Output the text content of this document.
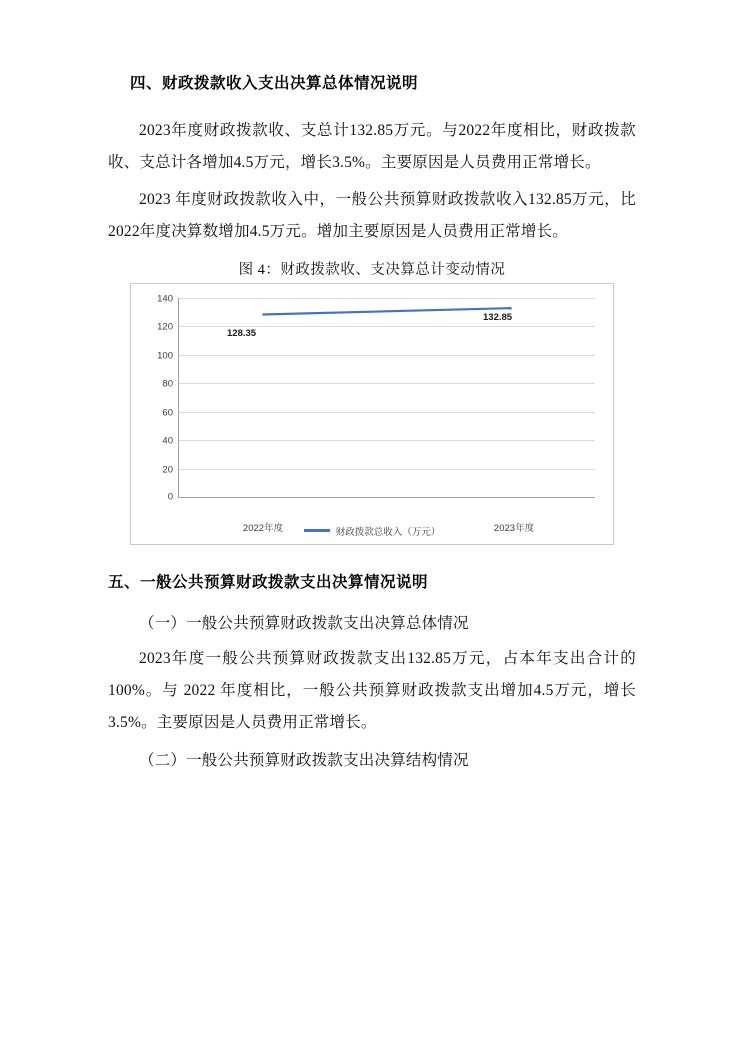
四、财政拨款收入支出决算总体情况说明

2023年度财政拨款收、支总计132.85万元。与2022年度相比，财政拨款收、支总计各增加4.5万元，增长3.5%。主要原因是人员费用正常增长。

2023 年度财政拨款收入中，一般公共预算财政拨款收入132.85万元，比 2022年度决算数增加4.5万元。增加主要原因是人员费用正常增长。

图 4：财政拨款收、支决算总计变动情况
140
120
100
80
60
40
20
0
128.35
132.85
2022年度	2023年度
财政拨款总收入（万元）
五、一般公共预算财政拨款支出决算情况说明

（一）一般公共预算财政拨款支出决算总体情况

2023年度一般公共预算财政拨款支出132.85万元，占本年支出合计的100%。与 2022 年度相比，一般公共预算财政拨款支出增加4.5万元，增长 3.5%。主要原因是人员费用正常增长。

（二）一般公共预算财政拨款支出决算结构情况
